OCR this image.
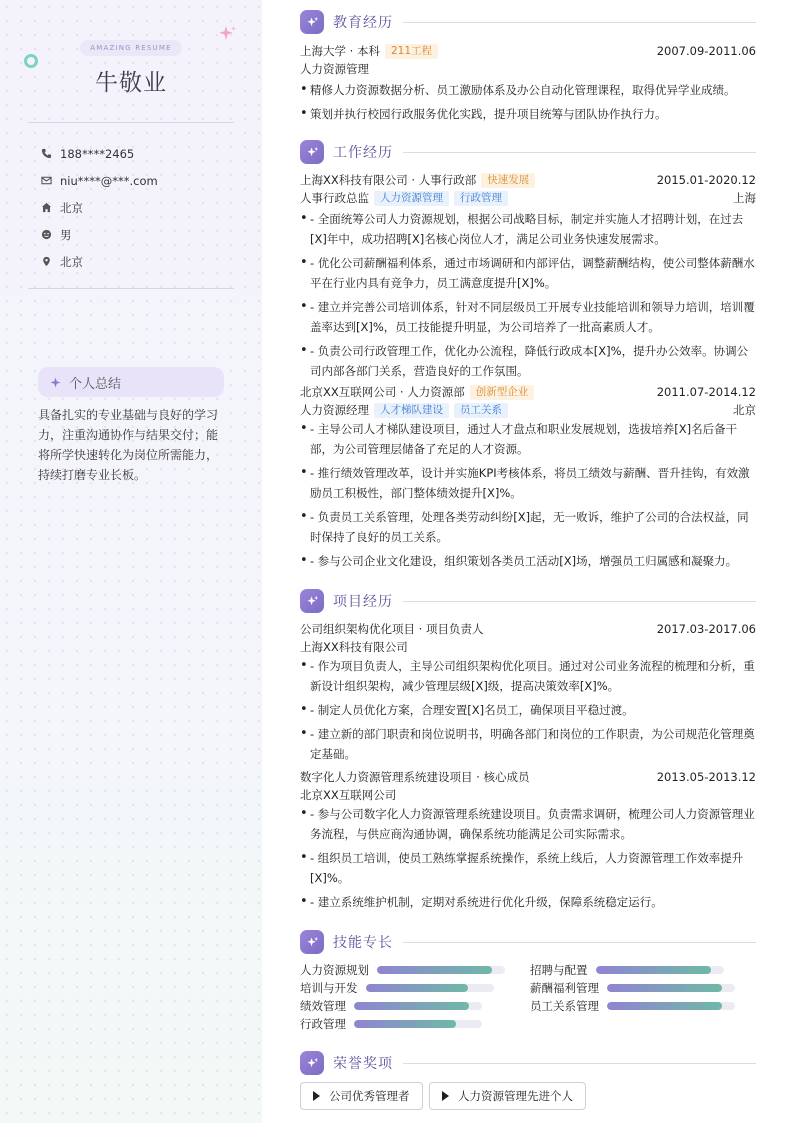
AMAZING RESUME
牛敬业
188****2465
niu****@***.com
北京
男
北京
个人总结
具备扎实的专业基础与良好的学习力，注重沟通协作与结果交付；能将所学快速转化为岗位所需能力，持续打磨专业长板。
教育经历
上海大学 · 本科	211工程	2007.09-2011.06
人力资源管理
• 精修人力资源数据分析、员工激励体系及办公自动化管理课程，取得优异学业成绩。
• 策划并执行校园行政服务优化实践，提升项目统筹与团队协作执行力。
工作经历
上海XX科技有限公司 · 人事行政部	快速发展	2015.01-2020.12
人事行政总监	人力资源管理	行政管理	上海
• - 全面统筹公司人力资源规划，根据公司战略目标，制定并实施人才招聘计划，在过去[X]年中，成功招聘[X]名核心岗位人才，满足公司业务快速发展需求。
• - 优化公司薪酬福利体系，通过市场调研和内部评估，调整薪酬结构，使公司整体薪酬水平在行业内具有竞争力，员工满意度提升[X]%。
• - 建立并完善公司培训体系，针对不同层级员工开展专业技能培训和领导力培训，培训覆盖率达到[X]%，员工技能提升明显，为公司培养了一批高素质人才。
• - 负责公司行政管理工作，优化办公流程，降低行政成本[X]%，提升办公效率。协调公司内部各部门关系，营造良好的工作氛围。
北京XX互联网公司 · 人力资源部	创新型企业	2011.07-2014.12
人力资源经理	人才梯队建设	员工关系	北京
• - 主导公司人才梯队建设项目，通过人才盘点和职业发展规划，选拔培养[X]名后备干部，为公司管理层储备了充足的人才资源。
• - 推行绩效管理改革，设计并实施KPI考核体系，将员工绩效与薪酬、晋升挂钩，有效激励员工积极性，部门整体绩效提升[X]%。
• - 负责员工关系管理，处理各类劳动纠纷[X]起，无一败诉，维护了公司的合法权益，同时保持了良好的员工关系。
• - 参与公司企业文化建设，组织策划各类员工活动[X]场，增强员工归属感和凝聚力。
项目经历
公司组织架构优化项目 · 项目负责人	2017.03-2017.06
上海XX科技有限公司
• - 作为项目负责人，主导公司组织架构优化项目。通过对公司业务流程的梳理和分析，重新设计组织架构，减少管理层级[X]级，提高决策效率[X]%。
• - 制定人员优化方案，合理安置[X]名员工，确保项目平稳过渡。
• - 建立新的部门职责和岗位说明书，明确各部门和岗位的工作职责，为公司规范化管理奠定基础。
数字化人力资源管理系统建设项目 · 核心成员	2013.05-2013.12
北京XX互联网公司
• - 参与公司数字化人力资源管理系统建设项目。负责需求调研，梳理公司人力资源管理业务流程，与供应商沟通协调，确保系统功能满足公司实际需求。
• - 组织员工培训，使员工熟练掌握系统操作，系统上线后，人力资源管理工作效率提升[X]%。
• - 建立系统维护机制，定期对系统进行优化升级，保障系统稳定运行。
技能专长
人力资源规划	招聘与配置
培训与开发	薪酬福利管理
绩效管理	员工关系管理
行政管理
荣誉奖项
公司优秀管理者	人力资源管理先进个人
